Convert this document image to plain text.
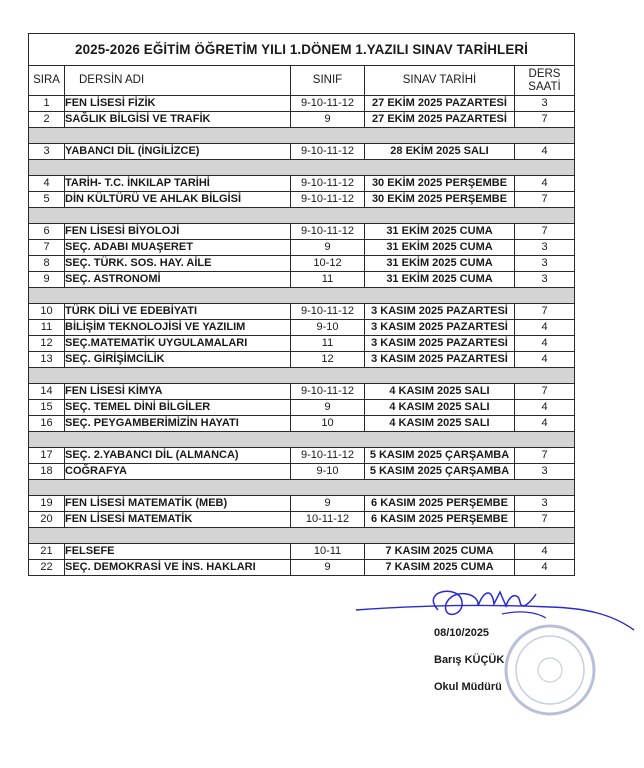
2025-2026 EĞİTİM ÖĞRETİM YILI 1.DÖNEM 1.YAZILI SINAV TARİHLERİ				
SIRA	DERSİN ADI	SINIF	SINAV TARİHİ	DERS
SAATİ

1	FEN LİSESİ FİZİK	9-10-11-12	27 EKİM 2025 PAZARTESİ	3
2	SAĞLIK BİLGİSİ VE TRAFİK	9	27 EKİM 2025 PAZARTESİ	7

3	YABANCI DİL (İNGİLİZCE)	9-10-11-12	28 EKİM 2025 SALI	4

4	TARİH- T.C. İNKILAP TARİHİ	9-10-11-12	30 EKİM 2025 PERŞEMBE	4
5	DİN KÜLTÜRÜ VE AHLAK BİLGİSİ	9-10-11-12	30 EKİM 2025 PERŞEMBE	7

6	FEN LİSESİ BİYOLOJİ	9-10-11-12	31 EKİM 2025 CUMA	7
7	SEÇ. ADABI MUAŞERET	9	31 EKİM 2025 CUMA	3
8	SEÇ. TÜRK. SOS. HAY. AİLE	10-12	31 EKİM 2025 CUMA	3
9	SEÇ. ASTRONOMİ	11	31 EKİM 2025 CUMA	3

10	TÜRK DİLİ VE EDEBİYATI	9-10-11-12	3 KASIM 2025 PAZARTESİ	7
11	BİLİŞİM TEKNOLOJİSİ VE YAZILIM	9-10	3 KASIM 2025 PAZARTESİ	4
12	SEÇ.MATEMATİK UYGULAMALARI	11	3 KASIM 2025 PAZARTESİ	4
13	SEÇ. GİRİŞİMCİLİK	12	3 KASIM 2025 PAZARTESİ	4

14	FEN LİSESİ KİMYA	9-10-11-12	4 KASIM 2025 SALI	7
15	SEÇ. TEMEL DİNİ BİLGİLER	9	4 KASIM 2025 SALI	4
16	SEÇ. PEYGAMBERİMİZİN HAYATI	10	4 KASIM 2025 SALI	4

17	SEÇ. 2.YABANCI DİL (ALMANCA)	9-10-11-12	5 KASIM 2025 ÇARŞAMBA	7
18	COĞRAFYA	9-10	5 KASIM 2025 ÇARŞAMBA	3

19	FEN LİSESİ MATEMATİK (MEB)	9	6 KASIM 2025 PERŞEMBE	3
20	FEN LİSESİ MATEMATİK	10-11-12	6 KASIM 2025 PERŞEMBE	7

21	FELSEFE	10-11	7 KASIM 2025 CUMA	4
22	SEÇ. DEMOKRASİ VE İNS. HAKLARI	9	7 KASIM 2025 CUMA	4
08/10/2025
Barış KÜÇÜK
Okul Müdürü
